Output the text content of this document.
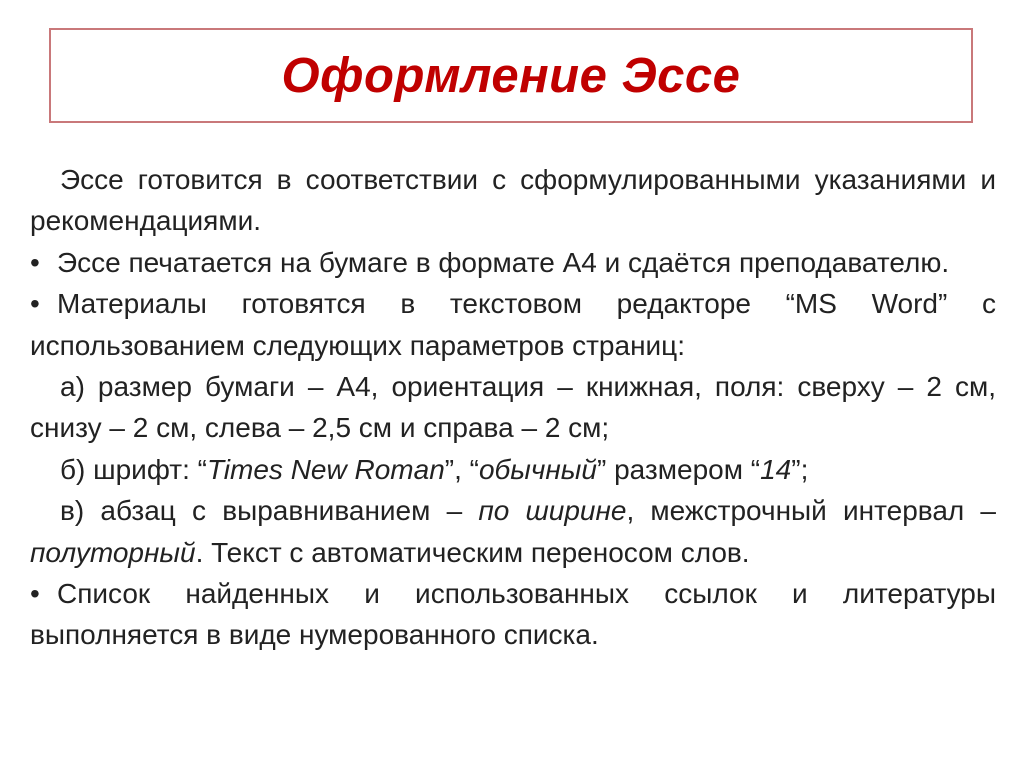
Оформление Эссе
Эссе готовится в соответствии с сформулированными указаниями и рекомендациями.
• Эссе печатается на бумаге в формате А4 и сдаётся преподавателю.
• Материалы готовятся в текстовом редакторе “MS Word” с использованием следующих параметров страниц:
а) размер бумаги – А4, ориентация – книжная, поля: сверху – 2 см, снизу – 2 см, слева – 2,5 см и справа – 2 см;
б) шрифт: “Times New Roman”, “обычный” размером “14”;
в) абзац с выравниванием – по ширине, межстрочный интервал – полуторный. Текст с автоматическим переносом слов.
• Список найденных и использованных ссылок и литературы выполняется в виде нумерованного списка.
